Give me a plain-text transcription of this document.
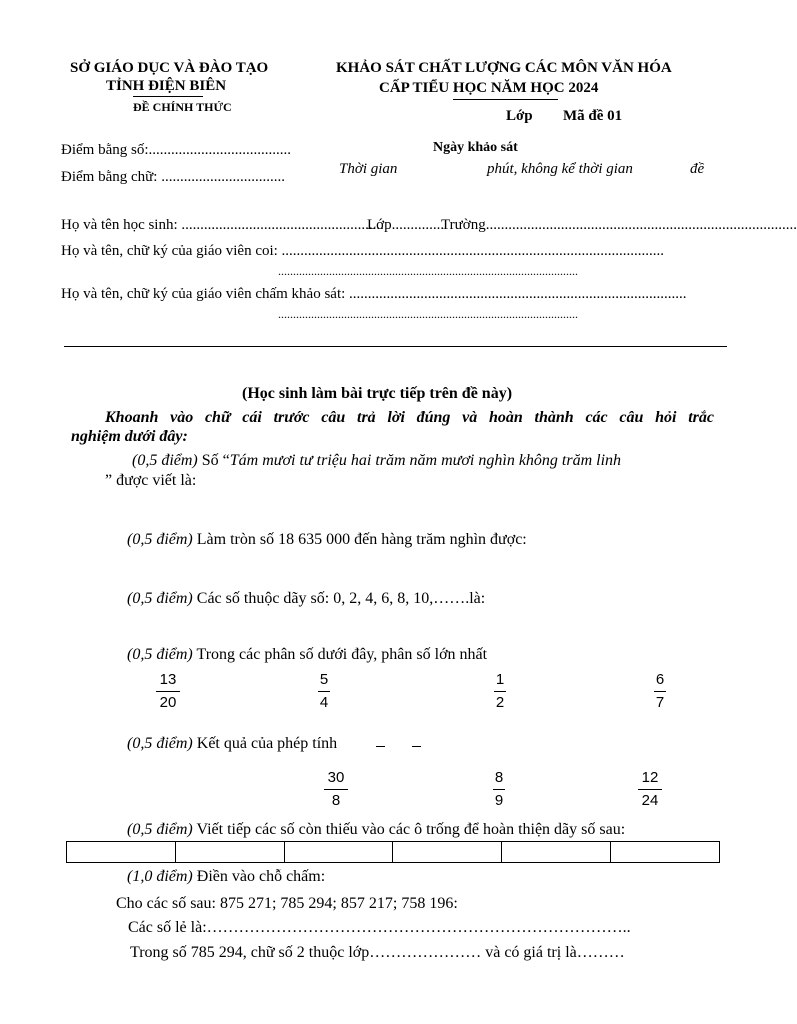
SỞ GIÁO DỤC VÀ ĐÀO TẠO
TỈNH ĐIỆN BIÊN
ĐỀ CHÍNH THỨC
KHẢO SÁT CHẤT LƯỢNG CÁC MÔN VĂN HÓA
CẤP TIỂU HỌC NĂM HỌC 2024
Lớp Mã đề 01
Điểm bằng số:......................................
Điểm bằng chữ: .................................
Ngày khảo sát
Thời gian	phút, không kể thời gian	đề
Họ và tên học sinh: ......................................................
Lớp..............
Trường...................................................................................
Họ và tên, chữ ký của giáo viên coi: ......................................................................................................
....................................................................................................
Họ và tên, chữ ký của giáo viên chấm khảo sát: ..........................................................................................
....................................................................................................
(Học sinh làm bài trực tiếp trên đề này)
Khoanh vào chữ cái trước câu trả lời đúng và hoàn thành các câu hỏi trắc
nghiệm dưới đây:
(0,5 điểm) Số “Tám mươi tư triệu hai trăm năm mươi nghìn không trăm linh
” được viết là:
(0,5 điểm) Làm tròn số 18 635 000 đến hàng trăm nghìn được:
(0,5 điểm) Các số thuộc dãy số: 0, 2, 4, 6, 8, 10,…….là:
(0,5 điểm) Trong các phân số dưới đây, phân số lớn nhất
13
20
5
4
1
2
6
7
(0,5 điểm) Kết quả của phép tính
30
8
8
9
12
24
(0,5 điểm) Viết tiếp các số còn thiếu vào các ô trống để hoàn thiện dãy số sau:
(1,0 điểm) Điền vào chỗ chấm:
Cho các số sau: 875 271; 785 294; 857 217; 758 196:
Các số lẻ là:……………………………………………………………………..
Trong số 785 294, chữ số 2 thuộc lớp………………… và có giá trị là………
